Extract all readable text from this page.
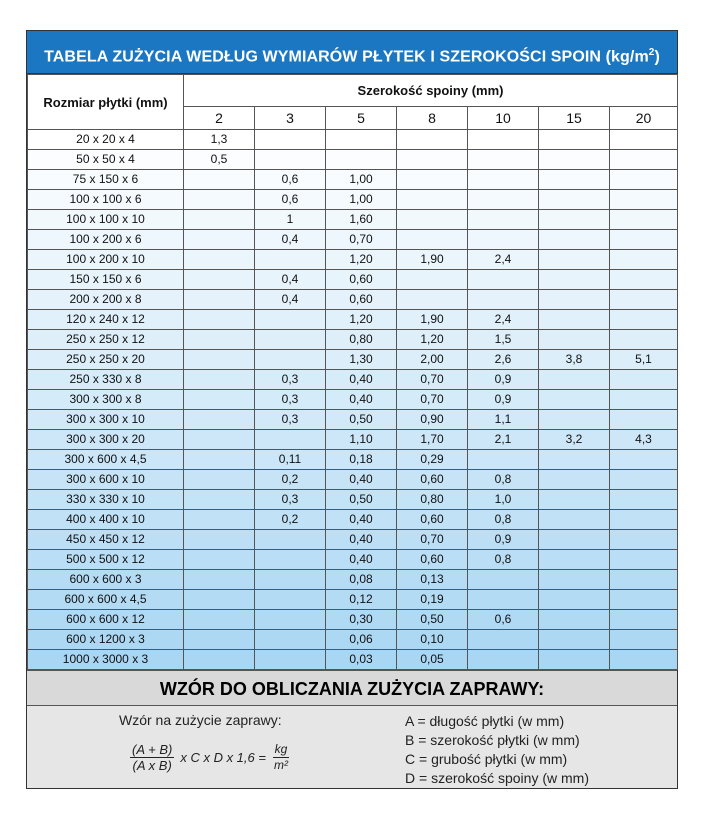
TABELA ZUŻYCIA WEDŁUG WYMIARÓW PŁYTEK I SZEROKOŚCI SPOIN $(kg/m^2)$
Rozmiar płytki (mm)	Szerokość spoiny (mm)						
	2	3	5	8	10	15	20
20 x 20 x 4	1,3						
50 x 50 x 4	0,5						
75 x 150 x 6		0,6	1,00				
100 x 100 x 6		0,6	1,00				
100 x 100 x 10		1	1,60				
100 x 200 x 6		0,4	0,70				
100 x 200 x 10			1,20	1,90	2,4		
150 x 150 x 6		0,4	0,60				
200 x 200 x 8		0,4	0,60				
120 x 240 x 12			1,20	1,90	2,4		
250 x 250 x 12			0,80	1,20	1,5		
250 x 250 x 20			1,30	2,00	2,6	3,8	5,1
250 x 330 x 8		0,3	0,40	0,70	0,9		
300 x 300 x 8		0,3	0,40	0,70	0,9		
300 x 300 x 10		0,3	0,50	0,90	1,1		
300 x 300 x 20			1,10	1,70	2,1	3,2	4,3
300 x 600 x 4,5		0,11	0,18	0,29			
300 x 600 x 10		0,2	0,40	0,60	0,8		
330 x 330 x 10		0,3	0,50	0,80	1,0		
400 x 400 x 10		0,2	0,40	0,60	0,8		
450 x 450 x 12			0,40	0,70	0,9		
500 x 500 x 12			0,40	0,60	0,8		
600 x 600 x 3			0,08	0,13			
600 x 600 x 4,5			0,12	0,19			
600 x 600 x 12			0,30	0,50	0,6		
600 x 1200 x 3			0,06	0,10			
1000 x 3000 x 3			0,03	0,05			
WZÓR DO OBLICZANIA ZUŻYCIA ZAPRAWY:
Wzór na zużycie zaprawy:
$\frac{(A + B)}{\text{(A x B)}}$ x C x D x $1,6 = \frac{kg}{\text{m²}}$
A = długość płytki (w mm)
B = szerokość płytki (w mm)
C = grubość płytki (w mm)
D = szerokość spoiny (w mm)
